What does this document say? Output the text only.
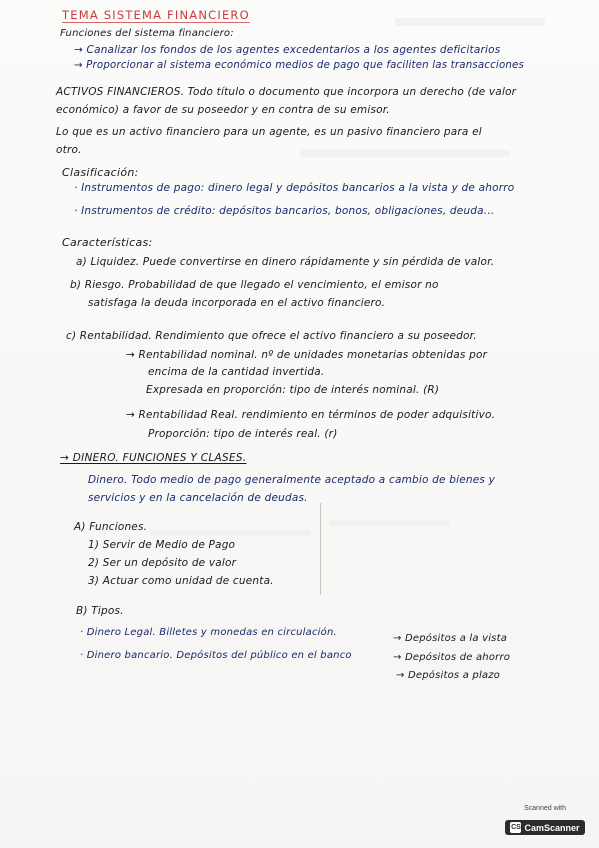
TEMA SISTEMA FINANCIERO
Funciones del sistema financiero:
→ Canalizar los fondos de los agentes excedentarios a los agentes deficitarios
→ Proporcionar al sistema económico medios de pago que faciliten las transacciones
ACTIVOS FINANCIEROS. Todo título o documento que incorpora un derecho (de valor
económico) a favor de su poseedor y en contra de su emisor.
Lo que es un activo financiero para un agente, es un pasivo financiero para el
otro.
Clasificación:
· Instrumentos de pago: dinero legal y depósitos bancarios a la vista y de ahorro
· Instrumentos de crédito: depósitos bancarios, bonos, obligaciones, deuda...
Características:
a) Liquidez. Puede convertirse en dinero rápidamente y sin pérdida de valor.
b) Riesgo. Probabilidad de que llegado el vencimiento, el emisor no
satisfaga la deuda incorporada en el activo financiero.
c) Rentabilidad. Rendimiento que ofrece el activo financiero a su poseedor.
→ Rentabilidad nominal. nº de unidades monetarias obtenidas por
encima de la cantidad invertida.
Expresada en proporción: tipo de interés nominal. (R)
→ Rentabilidad Real. rendimiento en términos de poder adquisitivo.
Proporción: tipo de interés real. (r)
→ DINERO. FUNCIONES Y CLASES.
Dinero. Todo medio de pago generalmente aceptado a cambio de bienes y
servicios y en la cancelación de deudas.
A) Funciones.
1) Servir de Medio de Pago
2) Ser un depósito de valor
3) Actuar como unidad de cuenta.
B) Tipos.
· Dinero Legal. Billetes y monedas en circulación.
· Dinero bancario. Depósitos del público en el banco
→ Depósitos a la vista
→ Depósitos de ahorro
→ Depósitos a plazo
Scanned with
CS CamScanner
